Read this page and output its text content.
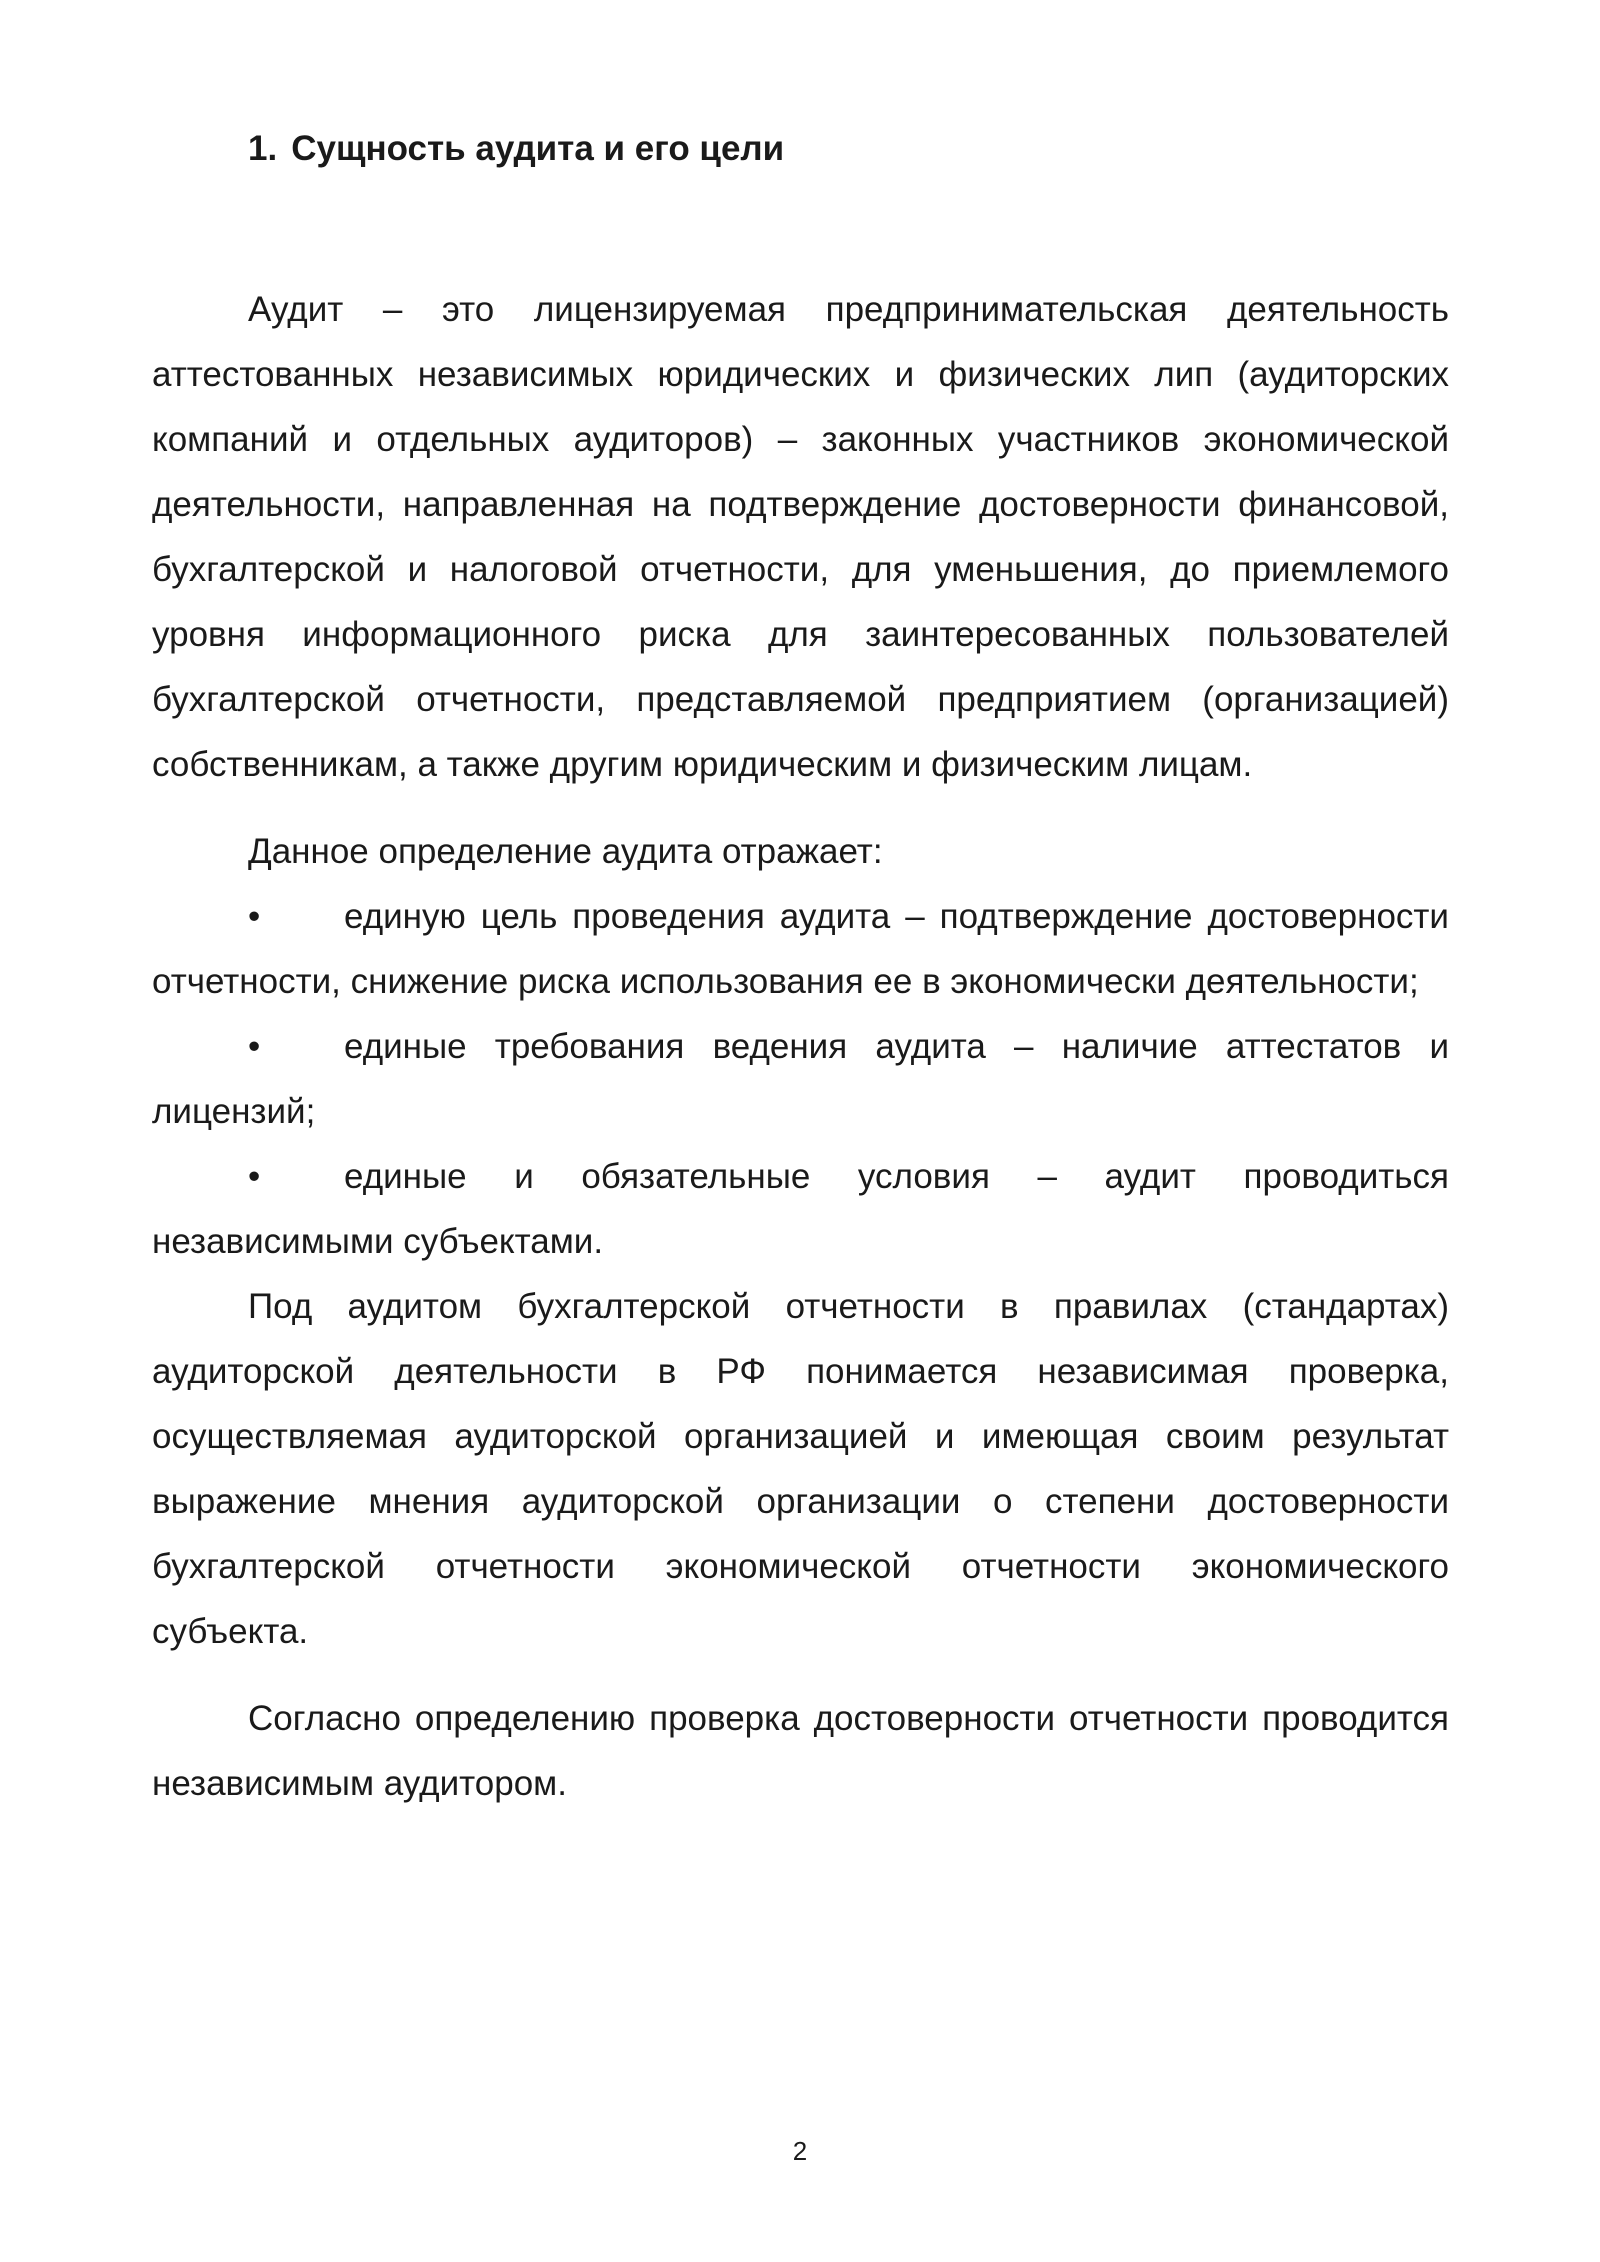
1. Сущность аудита и его цели

Аудит – это лицензируемая предпринимательская деятельность аттестованных независимых юридических и физических лип (аудиторских компаний и отдельных аудиторов) – законных участников экономической деятельности, направленная на подтверждение достоверности финансовой, бухгалтерской и налоговой отчетности, для уменьшения, до приемлемого уровня информационного риска для заинтересованных пользователей бухгалтерской отчетности, представляемой предприятием (организацией) собственникам, а также другим юридическим и физическим лицам.

Данное определение аудита отражает:

• единую цель проведения аудита – подтверждение достоверности

отчетности, снижение риска использования ее в экономически деятельности;

• единые требования ведения аудита – наличие аттестатов и лицензий;

• единые и обязательные условия – аудит проводиться независимыми субъектами.

Под аудитом бухгалтерской отчетности в правилах (стандартах) аудиторской деятельности в РФ понимается независимая проверка, осуществляемая аудиторской организацией и имеющая своим результат выражение мнения аудиторской организации о степени достоверности бухгалтерской отчетности экономической отчетности экономического субъекта.

Согласно определению проверка достоверности отчетности проводится независимым аудитором.

2
